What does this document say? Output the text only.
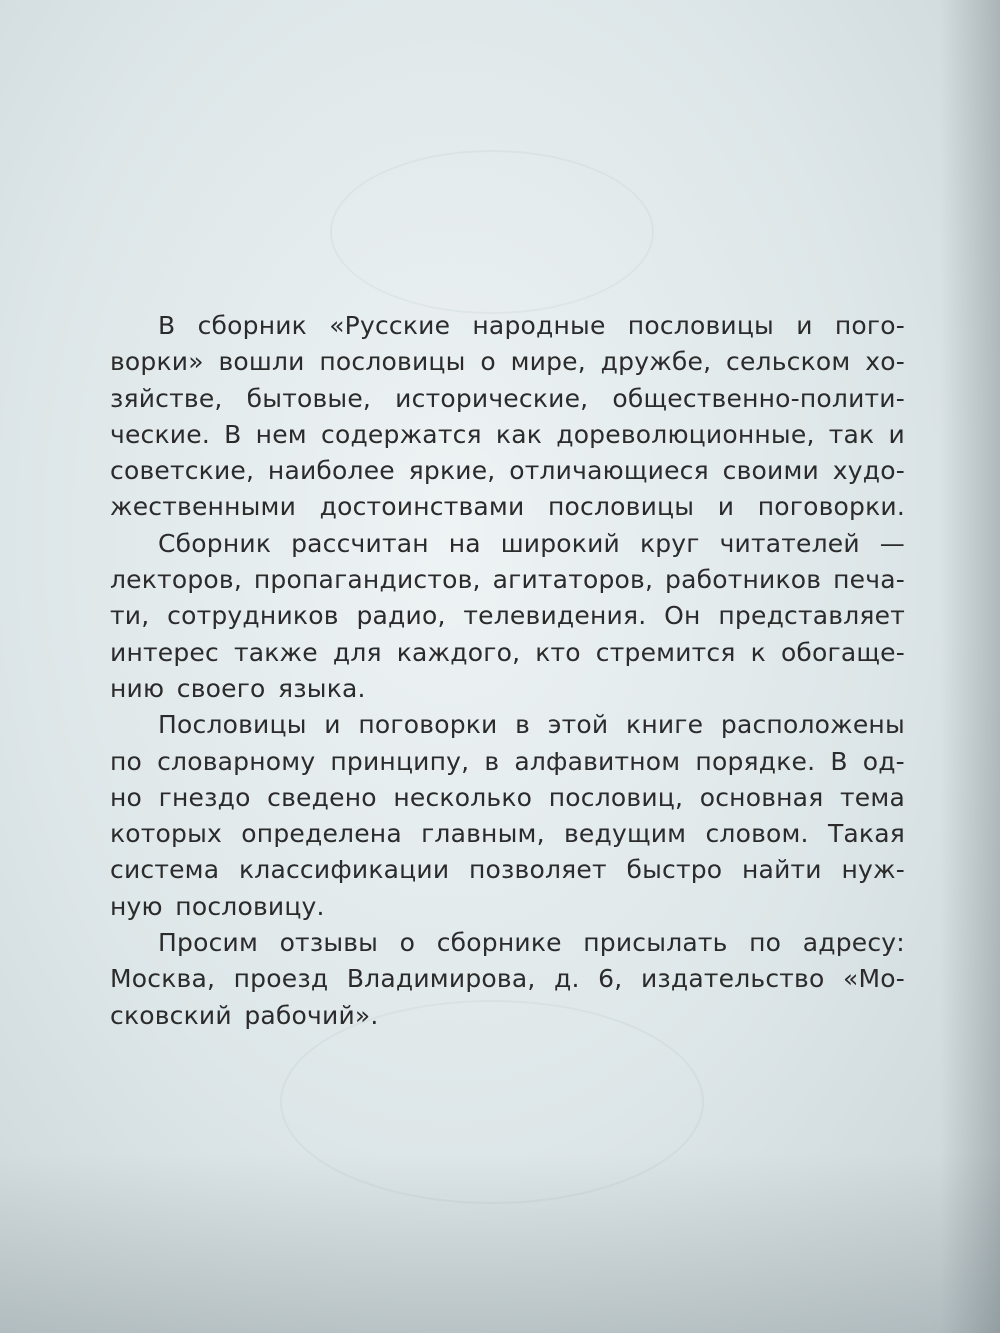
В сборник «Русские народные пословицы и пого-
ворки» вошли пословицы о мире, дружбе, сельском хо-
зяйстве, бытовые, исторические, общественно-полити-
ческие. В нем содержатся как дореволюционные, так и
советские, наиболее яркие, отличающиеся своими худо-
жественными достоинствами пословицы и поговорки.
Сборник рассчитан на широкий круг читателей —
лекторов, пропагандистов, агитаторов, работников печа-
ти, сотрудников радио, телевидения. Он представляет
интерес также для каждого, кто стремится к обогаще-
нию своего языка.
Пословицы и поговорки в этой книге расположены
по словарному принципу, в алфавитном порядке. В од-
но гнездо сведено несколько пословиц, основная тема
которых определена главным, ведущим словом. Такая
система классификации позволяет быстро найти нуж-
ную пословицу.
Просим отзывы о сборнике присылать по адресу:
Москва, проезд Владимирова, д. 6, издательство «Мо-
сковский рабочий».
